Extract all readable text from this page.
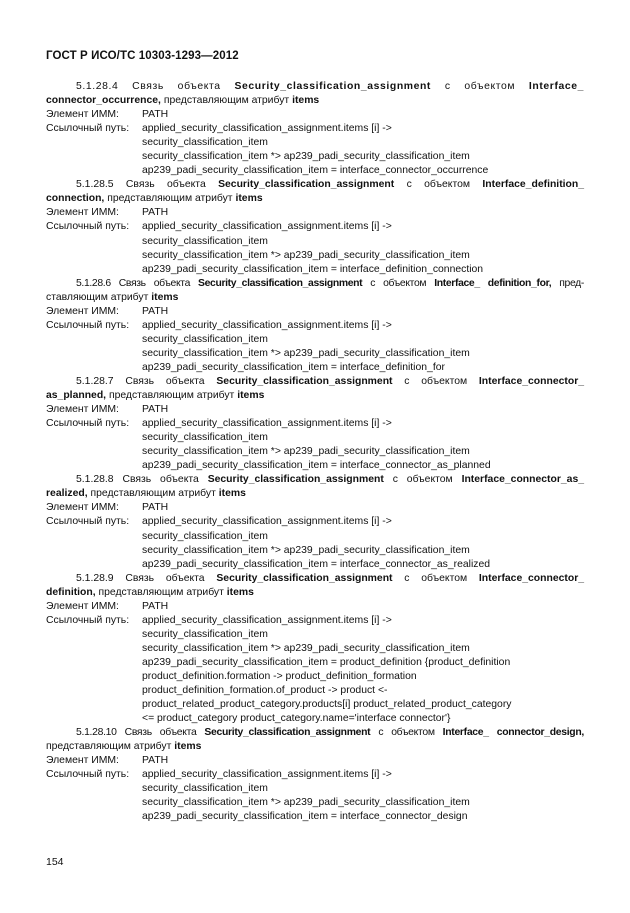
ГОСТ Р ИСО/ТС 10303-1293—2012
5.1.28.4 Связь объекта Security_classification_assignment с объектом Interface_
connector_occurrence, представляющим атрибут items
Элемент ИММ:	PATH
Ссылочный путь:	applied_security_classification_assignment.items [i] ->
security_classification_item
security_classification_item *> ap239_padi_security_classification_item
ap239_padi_security_classification_item = interface_connector_occurrence
5.1.28.5 Связь объекта Security_classification_assignment с объектом Interface_definition_
connection, представляющим атрибут items
Элемент ИММ:	PATH
Ссылочный путь:	applied_security_classification_assignment.items [i] ->
security_classification_item
security_classification_item *> ap239_padi_security_classification_item
ap239_padi_security_classification_item = interface_definition_connection
5.1.28.6 Связь объекта Security_classification_assignment с объектом Interface_ definition_for, пред-
ставляющим атрибут items
Элемент ИММ:	PATH
Ссылочный путь:	applied_security_classification_assignment.items [i] ->
security_classification_item
security_classification_item *> ap239_padi_security_classification_item
ap239_padi_security_classification_item = interface_definition_for
5.1.28.7 Связь объекта Security_classification_assignment с объектом Interface_connector_
as_planned, представляющим атрибут items
Элемент ИММ:	PATH
Ссылочный путь:	applied_security_classification_assignment.items [i] ->
security_classification_item
security_classification_item *> ap239_padi_security_classification_item
ap239_padi_security_classification_item = interface_connector_as_planned
5.1.28.8 Связь объекта Security_classification_assignment с объектом Interface_connector_as_
realized, представляющим атрибут items
Элемент ИММ:	PATH
Ссылочный путь:	applied_security_classification_assignment.items [i] ->
security_classification_item
security_classification_item *> ap239_padi_security_classification_item
ap239_padi_security_classification_item = interface_connector_as_realized
5.1.28.9 Связь объекта Security_classification_assignment с объектом Interface_connector_
definition, представляющим атрибут items
Элемент ИММ:	PATH
Ссылочный путь:	applied_security_classification_assignment.items [i] ->
security_classification_item
security_classification_item *> ap239_padi_security_classification_item
ap239_padi_security_classification_item = product_definition {product_definition
product_definition.formation -> product_definition_formation
product_definition_formation.of_product -> product <-
product_related_product_category.products[i] product_related_product_category
<= product_category product_category.name='interface connector'}
5.1.28.10 Связь объекта Security_classification_assignment с объектом Interface_ connector_design,
представляющим атрибут items
Элемент ИММ:	PATH
Ссылочный путь:	applied_security_classification_assignment.items [i] ->
security_classification_item
security_classification_item *> ap239_padi_security_classification_item
ap239_padi_security_classification_item = interface_connector_design
154
